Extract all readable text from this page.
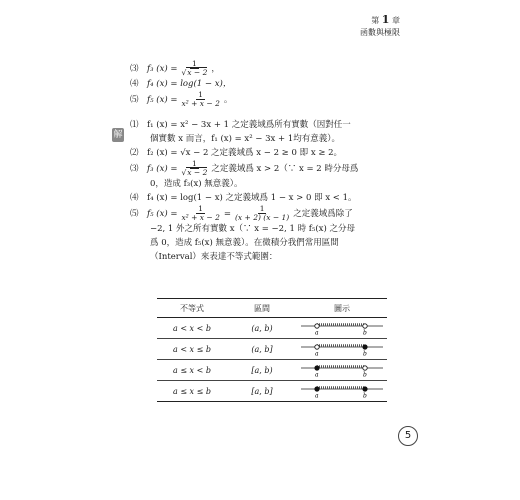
第 1 章
函數與極限
⑶ f₃ $(x) = \frac{1}{√x - 2}$ ，
⑷ f₄ (x) = log(1 − x)，
⑸ f₅ $(x) = \frac{1}{\text{x² + x − 2}}$ 。
⑴ f₁ (x) = x² − 3x + 1 之定義域爲所有實數（因對任一
個實數 x 而言，f₁ (x) = x² − 3x + 1均有意義）。
⑵ f₂ (x) = √x − 2 之定義域爲 x − 2 ≥ 0 即 x ≥ 2。
⑶ f₃ $(x) = \frac{1}{√x - 2}$ 之定義域爲 x > 2（∵ x = 2 時分母爲
0，造成 f₃(x) 無意義）。
⑷ f₄ (x) = log(1 − x) 之定義域爲 1 − x > 0 即 x < 1。
⑸ f₅ $(x) = \frac{1}{\text{x² + x − 2}} = \frac{1}{(x + 2) (x - 1)}$ 之定義域爲除了
−2, 1 外之所有實數 x（∵ x = −2, 1 時 f₅(x) 之分母
爲 0，造成 f₅(x) 無意義）。在微積分我們常用區間
（Interval）來表達不等式範圍：
解
不等式	區間	圖示
a < x < b	(a, b)	a b

a < x ≤ b	(a, b]	a b

a ≤ x < b	[a, b)	a b

a ≤ x ≤ b	[a, b]	a b
5
